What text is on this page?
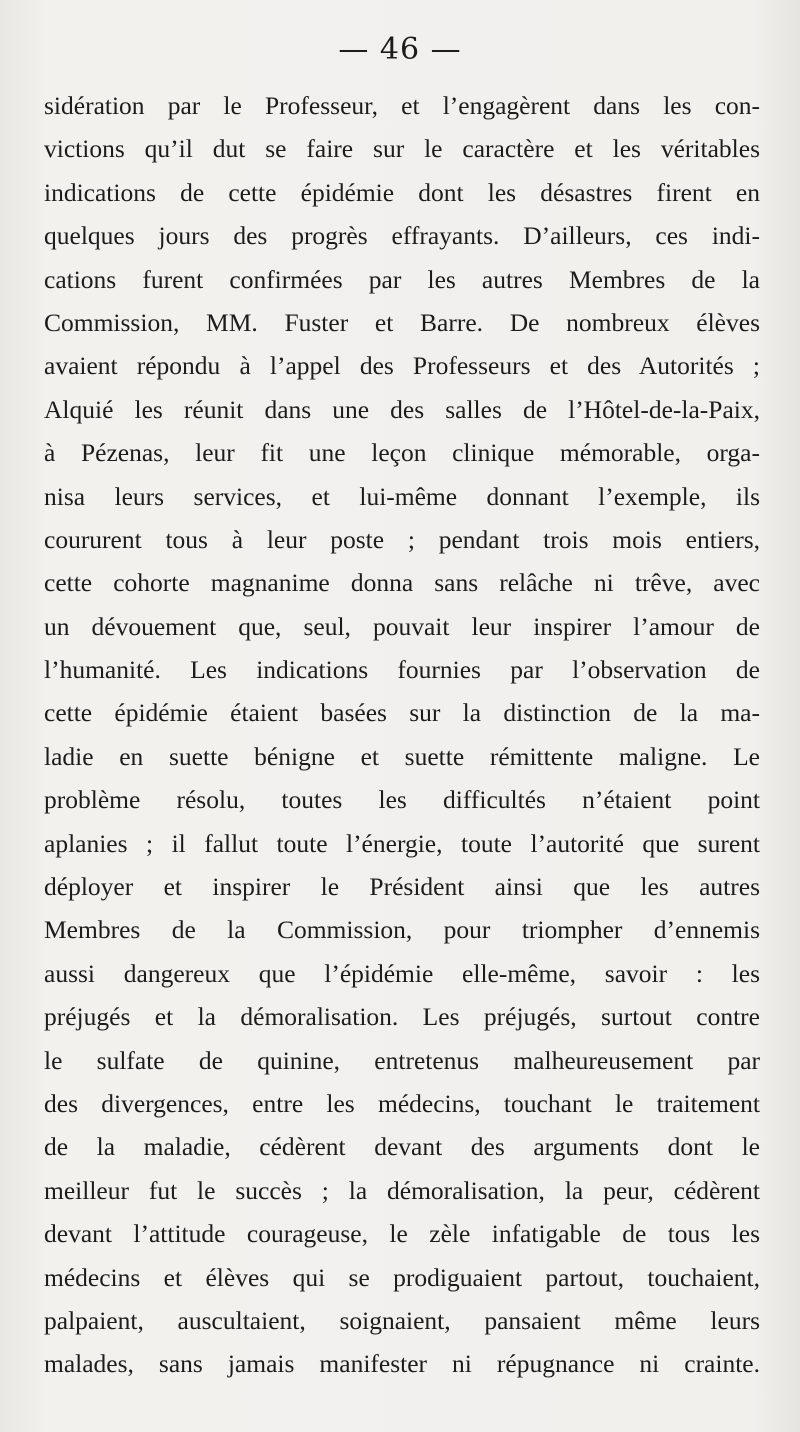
— 46 —
sidération par le Professeur, et l’engagèrent dans les con-
victions qu’il dut se faire sur le caractère et les véritables
indications de cette épidémie dont les désastres firent en
quelques jours des progrès effrayants. D’ailleurs, ces indi-
cations furent confirmées par les autres Membres de la
Commission, MM. Fuster et Barre. De nombreux élèves
avaient répondu à l’appel des Professeurs et des Autorités ;
Alquié les réunit dans une des salles de l’Hôtel-de-la-Paix,
à Pézenas, leur fit une leçon clinique mémorable, orga-
nisa leurs services, et lui-même donnant l’exemple, ils
coururent tous à leur poste ; pendant trois mois entiers,
cette cohorte magnanime donna sans relâche ni trêve, avec
un dévouement que, seul, pouvait leur inspirer l’amour de
l’humanité. Les indications fournies par l’observation de
cette épidémie étaient basées sur la distinction de la ma-
ladie en suette bénigne et suette rémittente maligne. Le
problème résolu, toutes les difficultés n’étaient point
aplanies ; il fallut toute l’énergie, toute l’autorité que surent
déployer et inspirer le Président ainsi que les autres
Membres de la Commission, pour triompher d’ennemis
aussi dangereux que l’épidémie elle-même, savoir : les
préjugés et la démoralisation. Les préjugés, surtout contre
le sulfate de quinine, entretenus malheureusement par
des divergences, entre les médecins, touchant le traitement
de la maladie, cédèrent devant des arguments dont le
meilleur fut le succès ; la démoralisation, la peur, cédèrent
devant l’attitude courageuse, le zèle infatigable de tous les
médecins et élèves qui se prodiguaient partout, touchaient,
palpaient, auscultaient, soignaient, pansaient même leurs
malades, sans jamais manifester ni répugnance ni crainte.
